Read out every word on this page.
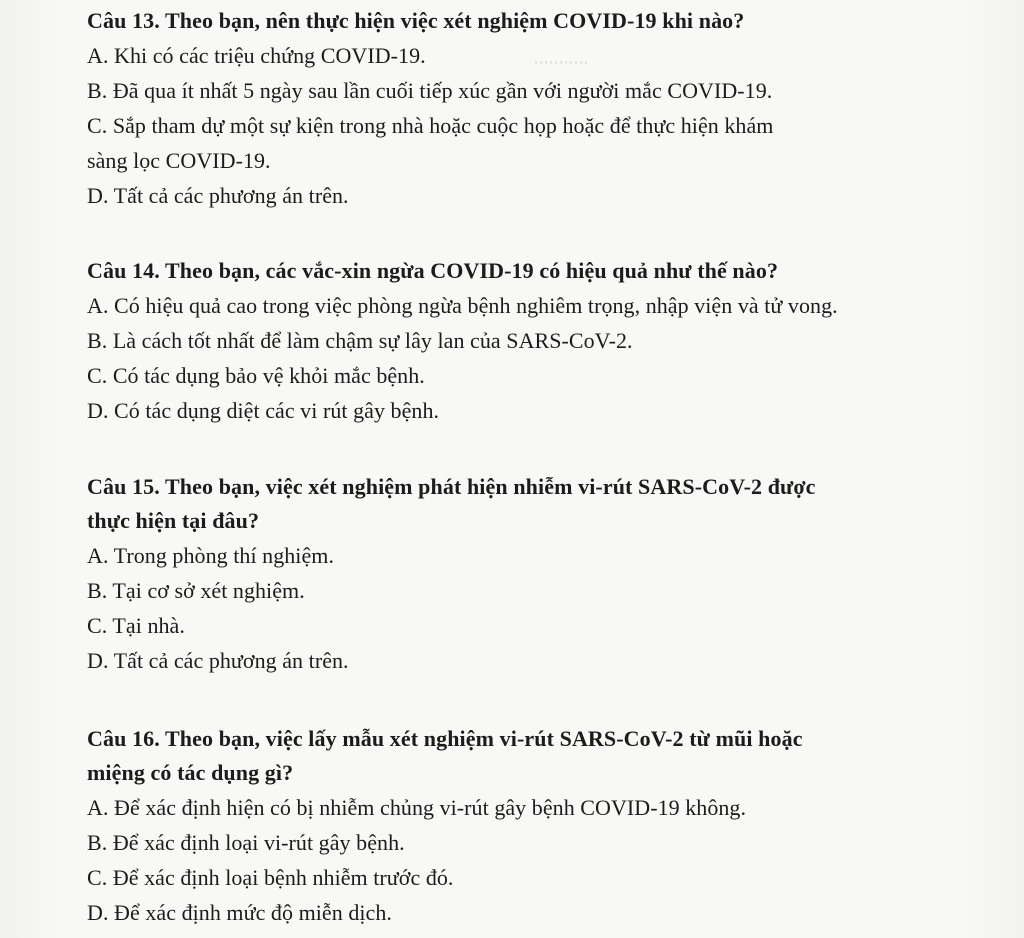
Câu 13. Theo bạn, nên thực hiện việc xét nghiệm COVID-19 khi nào?

A. Khi có các triệu chứng COVID-19.

B. Đã qua ít nhất 5 ngày sau lần cuối tiếp xúc gần với người mắc COVID-19.

C. Sắp tham dự một sự kiện trong nhà hoặc cuộc họp hoặc để thực hiện khám

sàng lọc COVID-19.

D. Tất cả các phương án trên.

Câu 14. Theo bạn, các vắc-xin ngừa COVID-19 có hiệu quả như thế nào?

A. Có hiệu quả cao trong việc phòng ngừa bệnh nghiêm trọng, nhập viện và tử vong.

B. Là cách tốt nhất để làm chậm sự lây lan của SARS-CoV-2.

C. Có tác dụng bảo vệ khỏi mắc bệnh.

D. Có tác dụng diệt các vi rút gây bệnh.

Câu 15. Theo bạn, việc xét nghiệm phát hiện nhiễm vi-rút SARS-CoV-2 được

thực hiện tại đâu?

A. Trong phòng thí nghiệm.

B. Tại cơ sở xét nghiệm.

C. Tại nhà.

D. Tất cả các phương án trên.

Câu 16. Theo bạn, việc lấy mẫu xét nghiệm vi-rút SARS-CoV-2 từ mũi hoặc

miệng có tác dụng gì?

A. Để xác định hiện có bị nhiễm chủng vi-rút gây bệnh COVID-19 không.

B. Để xác định loại vi-rút gây bệnh.

C. Để xác định loại bệnh nhiễm trước đó.

D. Để xác định mức độ miễn dịch.
